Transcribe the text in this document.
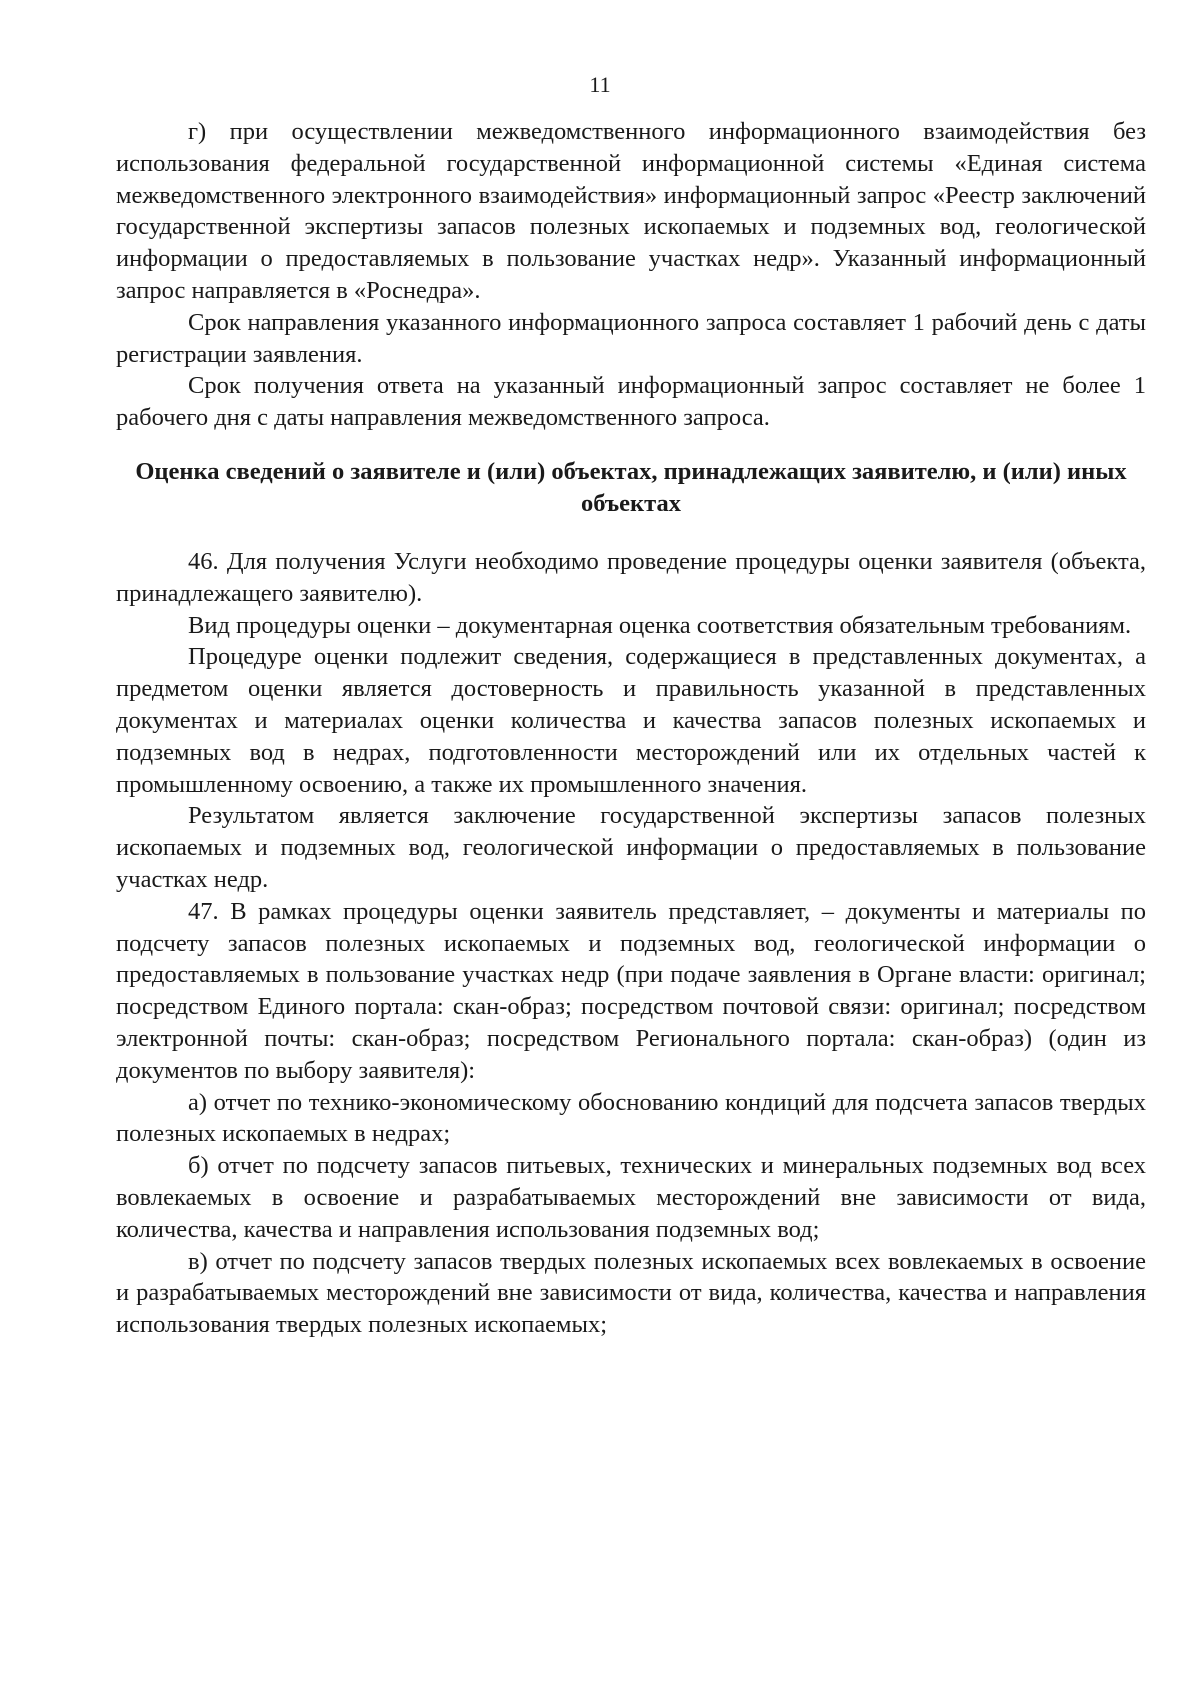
11

г) при осуществлении межведомственного информационного взаимодействия без использования федеральной государственной информационной системы «Единая система межведомственного электронного взаимодействия» информационный запрос «Реестр заключений государственной экспертизы запасов полезных ископаемых и подземных вод, геологической информации о предоставляемых в пользование участках недр». Указанный информационный запрос направляется в «Роснедра».

Срок направления указанного информационного запроса составляет 1 рабочий день с даты регистрации заявления.

Срок получения ответа на указанный информационный запрос составляет не более 1 рабочего дня с даты направления межведомственного запроса.

Оценка сведений о заявителе и (или) объектах, принадлежащих заявителю, и (или) иных объектах

46. Для получения Услуги необходимо проведение процедуры оценки заявителя (объекта, принадлежащего заявителю).

Вид процедуры оценки – документарная оценка соответствия обязательным требованиям.

Процедуре оценки подлежит сведения, содержащиеся в представленных документах, а предметом оценки является достоверность и правильность указанной в представленных документах и материалах оценки количества и качества запасов полезных ископаемых и подземных вод в недрах, подготовленности месторождений или их отдельных частей к промышленному освоению, а также их промышленного значения.

Результатом является заключение государственной экспертизы запасов полезных ископаемых и подземных вод, геологической информации о предоставляемых в пользование участках недр.

47. В рамках процедуры оценки заявитель представляет, – документы и материалы по подсчету запасов полезных ископаемых и подземных вод, геологической информации о предоставляемых в пользование участках недр (при подаче заявления в Органе власти: оригинал; посредством Единого портала: скан-образ; посредством почтовой связи: оригинал; посредством электронной почты: скан-образ; посредством Регионального портала: скан-образ) (один из документов по выбору заявителя):

а) отчет по технико-экономическому обоснованию кондиций для подсчета запасов твердых полезных ископаемых в недрах;

б) отчет по подсчету запасов питьевых, технических и минеральных подземных вод всех вовлекаемых в освоение и разрабатываемых месторождений вне зависимости от вида, количества, качества и направления использования подземных вод;

в) отчет по подсчету запасов твердых полезных ископаемых всех вовлекаемых в освоение и разрабатываемых месторождений вне зависимости от вида, количества, качества и направления использования твердых полезных ископаемых;
